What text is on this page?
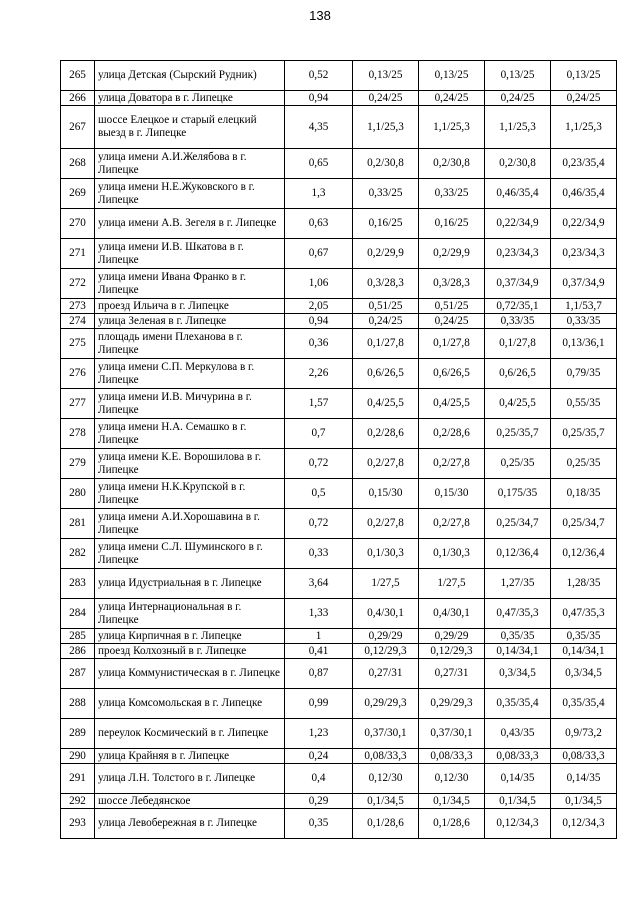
138
265	улица Детская (Сырский Рудник)	0,52	0,13/25	0,13/25	0,13/25	0,13/25
266	улица Доватора в г. Липецке	0,94	0,24/25	0,24/25	0,24/25	0,24/25
267	шоссе Елецкое и старый елецкий выезд в г. Липецке	4,35	1,1/25,3	1,1/25,3	1,1/25,3	1,1/25,3
268	улица имени А.И.Желябова в г. Липецке	0,65	0,2/30,8	0,2/30,8	0,2/30,8	0,23/35,4
269	улица имени Н.Е.Жуковского в г. Липецке	1,3	0,33/25	0,33/25	0,46/35,4	0,46/35,4
270	улица имени А.В. Зегеля в г. Липецке	0,63	0,16/25	0,16/25	0,22/34,9	0,22/34,9
271	улица имени И.В. Шкатова в г. Липецке	0,67	0,2/29,9	0,2/29,9	0,23/34,3	0,23/34,3
272	улица имени Ивана Франко в г. Липецке	1,06	0,3/28,3	0,3/28,3	0,37/34,9	0,37/34,9
273	проезд Ильича в г. Липецке	2,05	0,51/25	0,51/25	0,72/35,1	1,1/53,7
274	улица Зеленая в г. Липецке	0,94	0,24/25	0,24/25	0,33/35	0,33/35
275	площадь имени Плеханова в г. Липецке	0,36	0,1/27,8	0,1/27,8	0,1/27,8	0,13/36,1
276	улица имени С.П. Меркулова в г. Липецке	2,26	0,6/26,5	0,6/26,5	0,6/26,5	0,79/35
277	улица имени И.В. Мичурина в г. Липецке	1,57	0,4/25,5	0,4/25,5	0,4/25,5	0,55/35
278	улица имени Н.А. Семашко в г. Липецке	0,7	0,2/28,6	0,2/28,6	0,25/35,7	0,25/35,7
279	улица имени К.Е. Ворошилова в г. Липецке	0,72	0,2/27,8	0,2/27,8	0,25/35	0,25/35
280	улица имени Н.К.Крупской в г. Липецке	0,5	0,15/30	0,15/30	0,175/35	0,18/35
281	улица имени А.И.Хорошавина в г. Липецке	0,72	0,2/27,8	0,2/27,8	0,25/34,7	0,25/34,7
282	улица имени С.Л. Шуминского в г. Липецке	0,33	0,1/30,3	0,1/30,3	0,12/36,4	0,12/36,4
283	улица Идустриальная в г. Липецке	3,64	1/27,5	1/27,5	1,27/35	1,28/35
284	улица Интернациональная в г. Липецке	1,33	0,4/30,1	0,4/30,1	0,47/35,3	0,47/35,3
285	улица Кирпичная в г. Липецке	1	0,29/29	0,29/29	0,35/35	0,35/35
286	проезд Колхозный в г. Липецке	0,41	0,12/29,3	0,12/29,3	0,14/34,1	0,14/34,1
287	улица Коммунистическая в г. Липецке	0,87	0,27/31	0,27/31	0,3/34,5	0,3/34,5
288	улица Комсомольская в г. Липецке	0,99	0,29/29,3	0,29/29,3	0,35/35,4	0,35/35,4
289	переулок Космический в г. Липецке	1,23	0,37/30,1	0,37/30,1	0,43/35	0,9/73,2
290	улица Крайняя в г. Липецке	0,24	0,08/33,3	0,08/33,3	0,08/33,3	0,08/33,3
291	улица Л.Н. Толстого в г. Липецке	0,4	0,12/30	0,12/30	0,14/35	0,14/35
292	шоссе Лебедянское	0,29	0,1/34,5	0,1/34,5	0,1/34,5	0,1/34,5
293	улица Левобережная в г. Липецке	0,35	0,1/28,6	0,1/28,6	0,12/34,3	0,12/34,3
